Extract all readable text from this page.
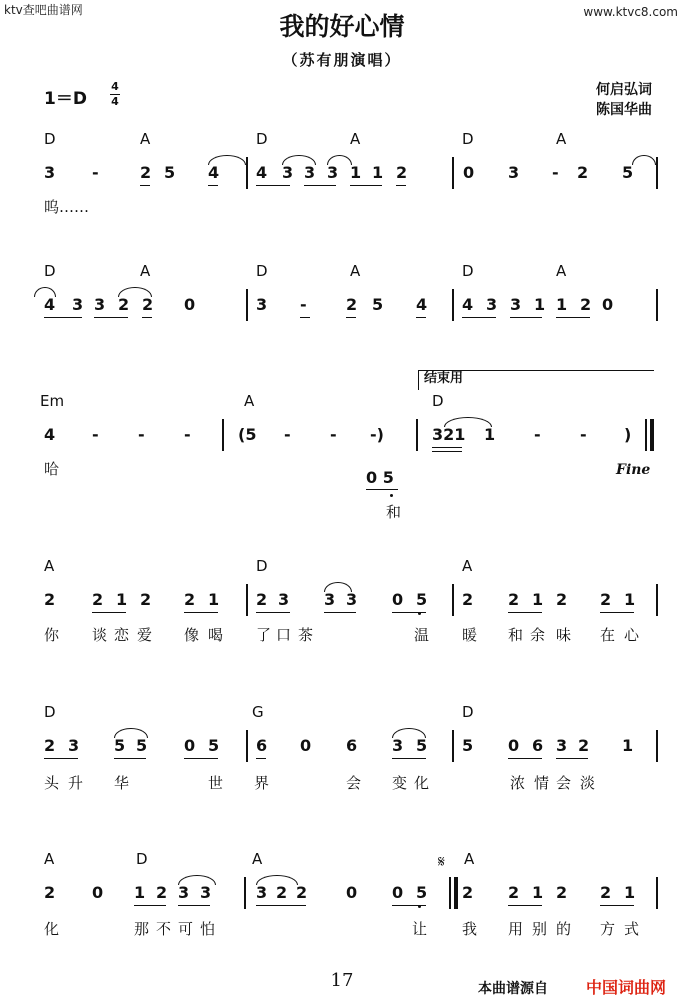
ktv查吧曲谱网	www.ktvc8.com
我的好心情
（苏有朋演唱）
1＝D
4
4
何启弘词
陈国华曲
D	A	D	A	D	A
3 -	2 5 4 4 3 3 3 1 1 2	0 3 - 2 5
呜……
D	A	D	A	D	A
4 3 3 2 2 0	3 - 2 5 4 4 3 3 1 1 2 0
Em	A	D
4 - - -	(5 - - -)	321 1 - - )
哈
和
0 5
结束用
Fine
A	D	A
2 2 1 2 2 1 2 3 3 3 0 5 2 2 1 2 2 1
你 谈 恋 爱 像 喝 了 口 茶	温 暖 和 余 味 在 心
D	G	D
2 3 5 5 0 5 6 0 6 3 5 5 0 6 3 2 1
头 升 华	世 界	会 变 化	浓 情 会 淡
A	D	A	A
2 0 1 2 3 3	3 2 2 0 0 5 2 2 1 2 2 1
化	那 不 可 怕	让 我 用 别 的 方 式
𝄋
17	本曲谱源自 中国词曲网
